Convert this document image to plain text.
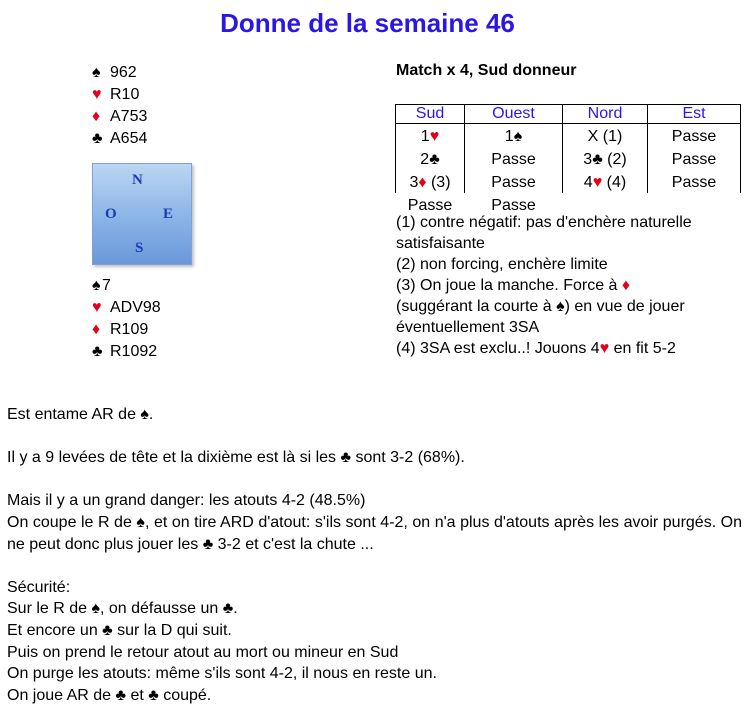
Donne de la semaine 46
♠ 962
♥ R10
♦ A753
♣ A654
N
O	E
S
♠7
♥ ADV98
♦ R109
♣ R1092
Match x 4, Sud donneur
Sud	Ouest	Nord	Est
1♥	1♠	X (1)	Passe
2♣	Passe	3♣ (2)	Passe
3♦ (3)	Passe	4♥ (4)	Passe
Passe	Passe		
(1) contre négatif: pas d'enchère naturelle satisfaisante
(2) non forcing, enchère limite
(3) On joue la manche. Force à ♦
(suggérant la courte à ♠) en vue de jouer éventuellement 3SA
(4) 3SA est exclu..! Jouons 4♥ en fit 5-2

Est entame AR de ♠.

Il y a 9 levées de tête et la dixième est là si les ♣ sont 3-2 (68%).

Mais il y a un grand danger: les atouts 4-2 (48.5%)

On coupe le R de ♠, et on tire ARD d'atout: s'ils sont 4-2, on n'a plus d'atouts après les avoir purgés. On ne peut donc plus jouer les ♣ 3-2 et c'est la chute ...

Sécurité:

Sur le R de ♠, on défausse un ♣.

Et encore un ♣ sur la D qui suit.

Puis on prend le retour atout au mort ou mineur en Sud

On purge les atouts: même s'ils sont 4-2, il nous en reste un.

On joue AR de ♣ et ♣ coupé.
